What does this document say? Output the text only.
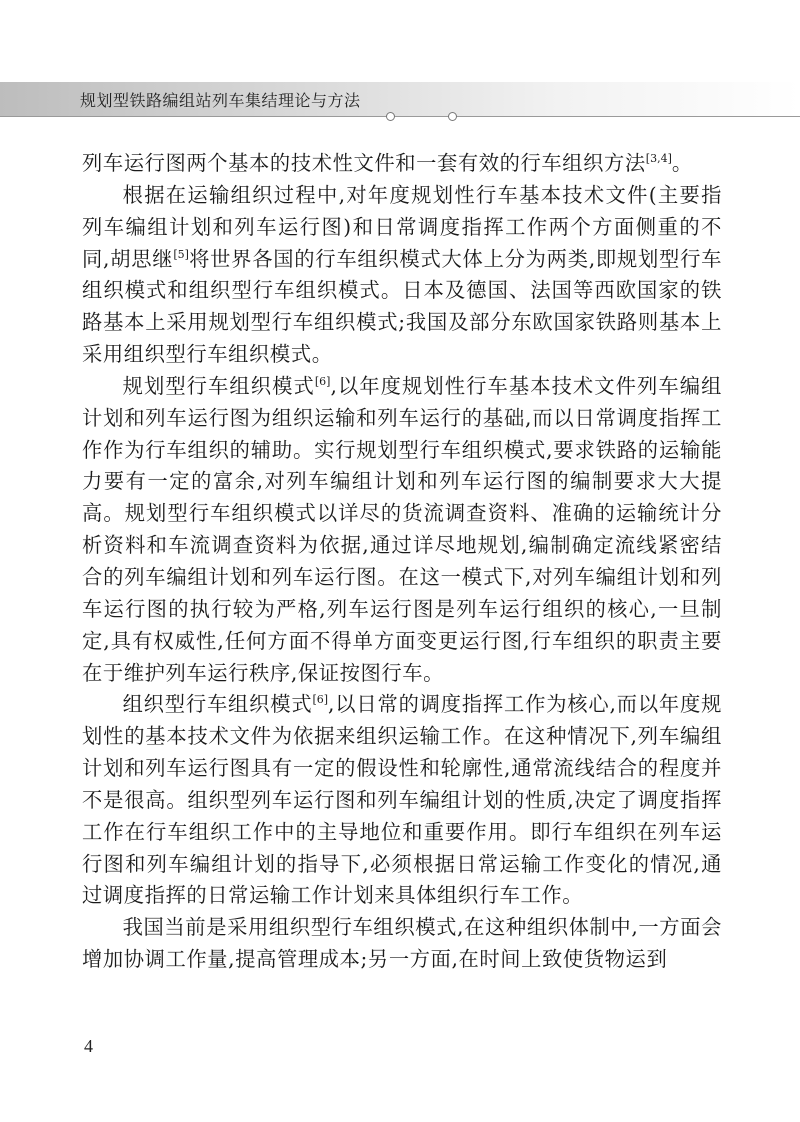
规划型铁路编组站列车集结理论与方法

列车运行图两个基本的技术性文件和一套有效的行车组织方法[3,4]。

根据在运输组织过程中,对年度规划性行车基本技术文件(主要指列车编组计划和列车运行图)和日常调度指挥工作两个方面侧重的不同,胡思继[5]将世界各国的行车组织模式大体上分为两类,即规划型行车组织模式和组织型行车组织模式。日本及德国、法国等西欧国家的铁路基本上采用规划型行车组织模式;我国及部分东欧国家铁路则基本上采用组织型行车组织模式。

规划型行车组织模式[6],以年度规划性行车基本技术文件列车编组计划和列车运行图为组织运输和列车运行的基础,而以日常调度指挥工作作为行车组织的辅助。实行规划型行车组织模式,要求铁路的运输能力要有一定的富余,对列车编组计划和列车运行图的编制要求大大提高。规划型行车组织模式以详尽的货流调查资料、准确的运输统计分析资料和车流调查资料为依据,通过详尽地规划,编制确定流线紧密结合的列车编组计划和列车运行图。在这一模式下,对列车编组计划和列车运行图的执行较为严格,列车运行图是列车运行组织的核心,一旦制定,具有权威性,任何方面不得单方面变更运行图,行车组织的职责主要在于维护列车运行秩序,保证按图行车。

组织型行车组织模式[6],以日常的调度指挥工作为核心,而以年度规划性的基本技术文件为依据来组织运输工作。在这种情况下,列车编组计划和列车运行图具有一定的假设性和轮廓性,通常流线结合的程度并不是很高。组织型列车运行图和列车编组计划的性质,决定了调度指挥工作在行车组织工作中的主导地位和重要作用。即行车组织在列车运行图和列车编组计划的指导下,必须根据日常运输工作变化的情况,通过调度指挥的日常运输工作计划来具体组织行车工作。

我国当前是采用组织型行车组织模式,在这种组织体制中,一方面会增加协调工作量,提高管理成本;另一方面,在时间上致使货物运到

4
